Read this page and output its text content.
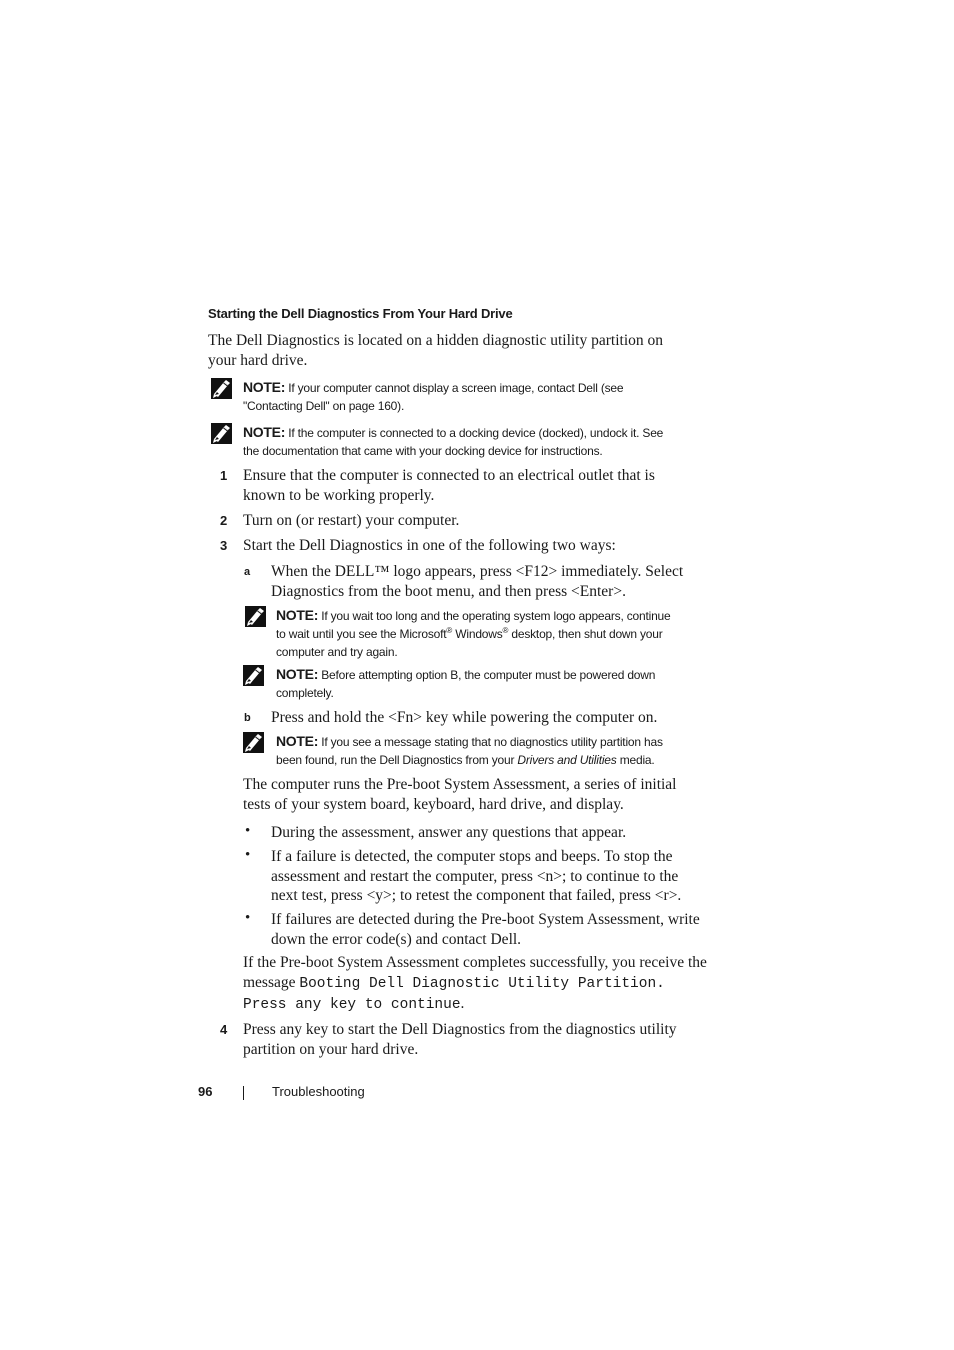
Starting the Dell Diagnostics From Your Hard Drive
The Dell Diagnostics is located on a hidden diagnostic utility partition on
your hard drive.
NOTE: If your computer cannot display a screen image, contact Dell (see
"Contacting Dell" on page 160).
NOTE: If the computer is connected to a docking device (docked), undock it. See
the documentation that came with your docking device for instructions.
1 Ensure that the computer is connected to an electrical outlet that is
known to be working properly.
2 Turn on (or restart) your computer.
3 Start the Dell Diagnostics in one of the following two ways:
a When the DELL™ logo appears, press <F12> immediately. Select
Diagnostics from the boot menu, and then press <Enter>.
NOTE: If you wait too long and the operating system logo appears, continue
to wait until you see the Microsoft® Windows® desktop, then shut down your
computer and try again.
NOTE: Before attempting option B, the computer must be powered down
completely.
b Press and hold the <Fn> key while powering the computer on.
NOTE: If you see a message stating that no diagnostics utility partition has
been found, run the Dell Diagnostics from your Drivers and Utilities media.
The computer runs the Pre-boot System Assessment, a series of initial
tests of your system board, keyboard, hard drive, and display.
• During the assessment, answer any questions that appear.
• If a failure is detected, the computer stops and beeps. To stop the
assessment and restart the computer, press <n>; to continue to the
next test, press <y>; to retest the component that failed, press <r>.
• If failures are detected during the Pre-boot System Assessment, write
down the error code(s) and contact Dell.
If the Pre-boot System Assessment completes successfully, you receive the
message Booting Dell Diagnostic Utility Partition.
Press any key to continue.
4 Press any key to start the Dell Diagnostics from the diagnostics utility
partition on your hard drive.
96	Troubleshooting
